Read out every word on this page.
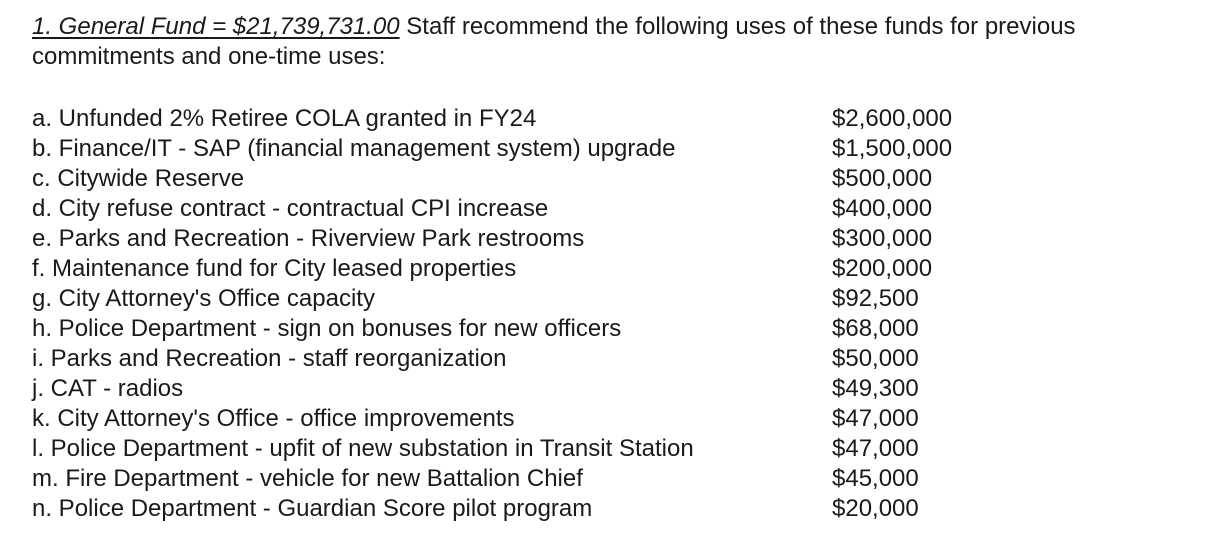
1. General Fund = $21,739,731.00 Staff recommend the following uses of these funds for previous commitments and one-time uses:

a. Unfunded 2% Retiree COLA granted in FY24	$2,600,000
b. Finance/IT - SAP (financial management system) upgrade	$1,500,000
c. Citywide Reserve	$500,000
d. City refuse contract - contractual CPI increase	$400,000
e. Parks and Recreation - Riverview Park restrooms	$300,000
f. Maintenance fund for City leased properties	$200,000
g. City Attorney's Office capacity	$92,500
h. Police Department - sign on bonuses for new officers	$68,000
i. Parks and Recreation - staff reorganization	$50,000
j. CAT - radios	$49,300
k. City Attorney's Office - office improvements	$47,000
l. Police Department - upfit of new substation in Transit Station	$47,000
m. Fire Department - vehicle for new Battalion Chief	$45,000
n. Police Department - Guardian Score pilot program	$20,000
